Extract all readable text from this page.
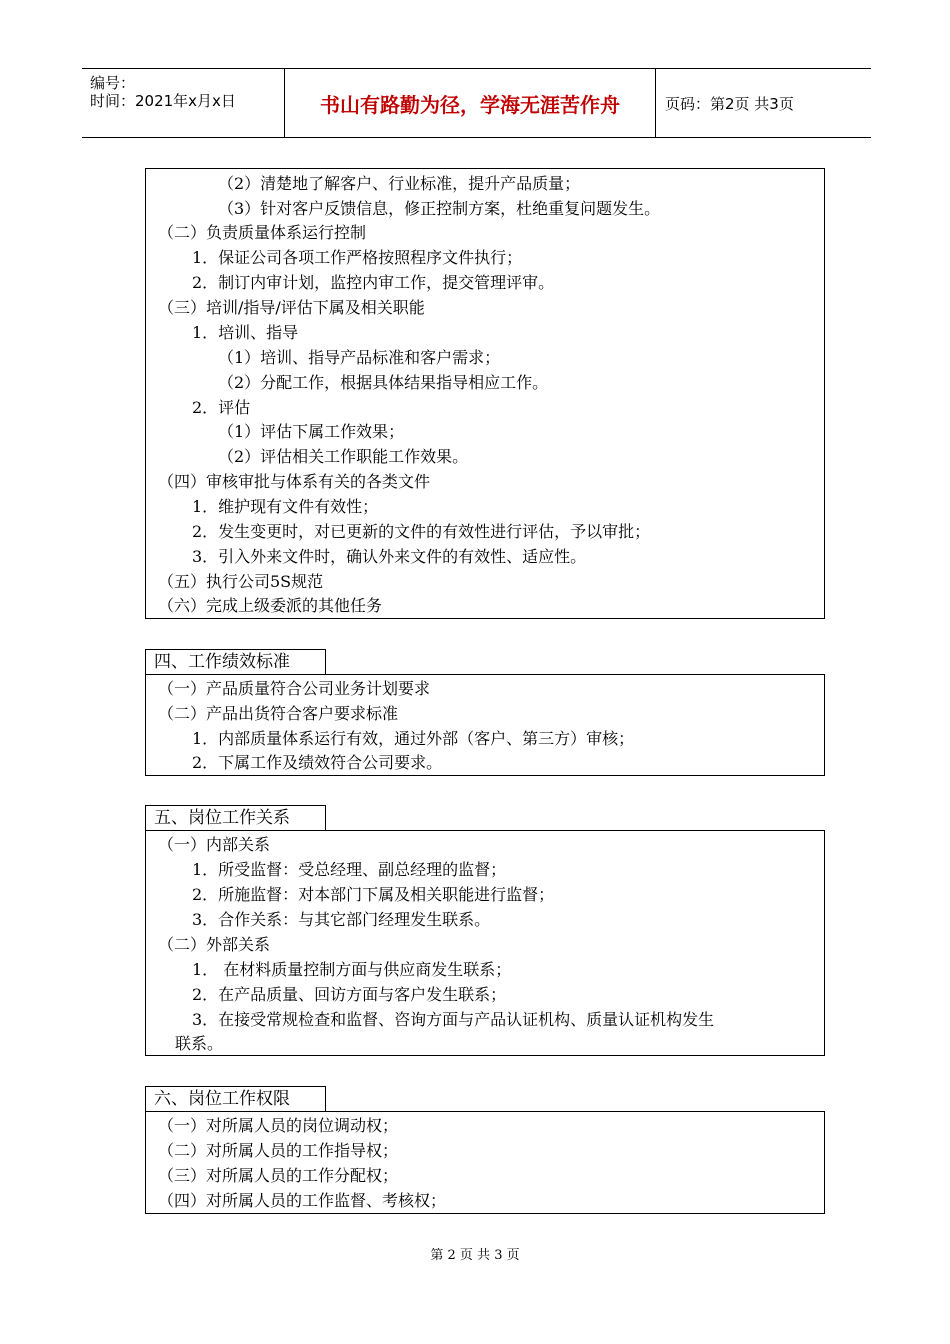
编号：
时间：2021年x月x日	书山有路勤为径，学海无涯苦作舟	页码：第2页 共3页
（2）清楚地了解客户、行业标准，提升产品质量；
（3）针对客户反馈信息，修正控制方案，杜绝重复问题发生。
（二）负责质量体系运行控制
1．保证公司各项工作严格按照程序文件执行；
2．制订内审计划，监控内审工作，提交管理评审。
（三）培训/指导/评估下属及相关职能
1．培训、指导
（1）培训、指导产品标准和客户需求；
（2）分配工作，根据具体结果指导相应工作。
2．评估
（1）评估下属工作效果；
（2）评估相关工作职能工作效果。
（四）审核审批与体系有关的各类文件
1．维护现有文件有效性；
2．发生变更时，对已更新的文件的有效性进行评估，予以审批；
3．引入外来文件时，确认外来文件的有效性、适应性。
（五）执行公司5S规范
（六）完成上级委派的其他任务
四、工作绩效标准
（一）产品质量符合公司业务计划要求
（二）产品出货符合客户要求标准
1．内部质量体系运行有效，通过外部（客户、第三方）审核；
2．下属工作及绩效符合公司要求。
五、岗位工作关系
（一）内部关系
1．所受监督：受总经理、副总经理的监督；
2．所施监督：对本部门下属及相关职能进行监督；
3．合作关系：与其它部门经理发生联系。
（二）外部关系
1． 在材料质量控制方面与供应商发生联系；
2．在产品质量、回访方面与客户发生联系；
3．在接受常规检查和监督、咨询方面与产品认证机构、质量认证机构发生
联系。
六、岗位工作权限
（一）对所属人员的岗位调动权；
（二）对所属人员的工作指导权；
（三）对所属人员的工作分配权；
（四）对所属人员的工作监督、考核权；
第 2 页 共 3 页
